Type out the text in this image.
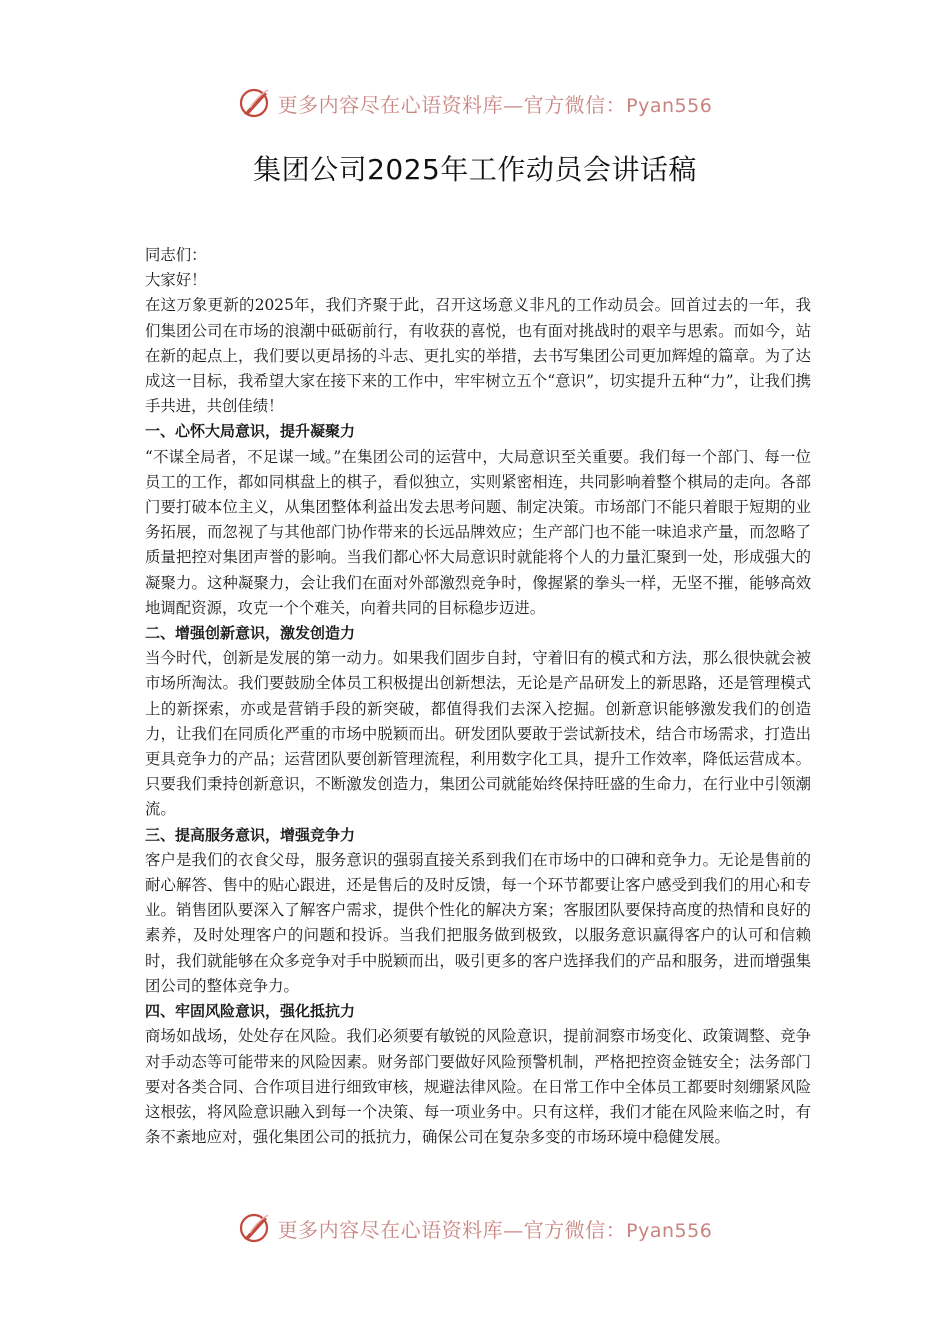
更多内容尽在心语资料库—官方微信：Pyan556
集团公司2025年工作动员会讲话稿

同志们：

大家好！

在这万象更新的2025年，我们齐聚于此，召开这场意义非凡的工作动员会。回首过去的一年，我们集团公司在市场的浪潮中砥砺前行，有收获的喜悦，也有面对挑战时的艰辛与思索。而如今，站在新的起点上，我们要以更昂扬的斗志、更扎实的举措，去书写集团公司更加辉煌的篇章。为了达成这一目标，我希望大家在接下来的工作中，牢牢树立五个“意识”，切实提升五种“力”，让我们携手共进，共创佳绩！

一、心怀大局意识，提升凝聚力

“不谋全局者，不足谋一域。”在集团公司的运营中，大局意识至关重要。我们每一个部门、每一位员工的工作，都如同棋盘上的棋子，看似独立，实则紧密相连，共同影响着整个棋局的走向。各部门要打破本位主义，从集团整体利益出发去思考问题、制定决策。市场部门不能只着眼于短期的业务拓展，而忽视了与其他部门协作带来的长远品牌效应；生产部门也不能一味追求产量，而忽略了质量把控对集团声誉的影响。当我们都心怀大局意识时就能将个人的力量汇聚到一处，形成强大的凝聚力。这种凝聚力，会让我们在面对外部激烈竞争时，像握紧的拳头一样，无坚不摧，能够高效地调配资源，攻克一个个难关，向着共同的目标稳步迈进。

二、增强创新意识，激发创造力

当今时代，创新是发展的第一动力。如果我们固步自封，守着旧有的模式和方法，那么很快就会被市场所淘汰。我们要鼓励全体员工积极提出创新想法，无论是产品研发上的新思路，还是管理模式上的新探索，亦或是营销手段的新突破，都值得我们去深入挖掘。创新意识能够激发我们的创造力，让我们在同质化严重的市场中脱颖而出。研发团队要敢于尝试新技术，结合市场需求，打造出更具竞争力的产品；运营团队要创新管理流程，利用数字化工具，提升工作效率，降低运营成本。只要我们秉持创新意识，不断激发创造力，集团公司就能始终保持旺盛的生命力，在行业中引领潮流。

三、提高服务意识，增强竞争力

客户是我们的衣食父母，服务意识的强弱直接关系到我们在市场中的口碑和竞争力。无论是售前的耐心解答、售中的贴心跟进，还是售后的及时反馈，每一个环节都要让客户感受到我们的用心和专业。销售团队要深入了解客户需求，提供个性化的解决方案；客服团队要保持高度的热情和良好的素养，及时处理客户的问题和投诉。当我们把服务做到极致，以服务意识赢得客户的认可和信赖时，我们就能够在众多竞争对手中脱颖而出，吸引更多的客户选择我们的产品和服务，进而增强集团公司的整体竞争力。

四、牢固风险意识，强化抵抗力

商场如战场，处处存在风险。我们必须要有敏锐的风险意识，提前洞察市场变化、政策调整、竞争对手动态等可能带来的风险因素。财务部门要做好风险预警机制，严格把控资金链安全；法务部门要对各类合同、合作项目进行细致审核，规避法律风险。在日常工作中全体员工都要时刻绷紧风险这根弦，将风险意识融入到每一个决策、每一项业务中。只有这样，我们才能在风险来临之时，有条不紊地应对，强化集团公司的抵抗力，确保公司在复杂多变的市场环境中稳健发展。

更多内容尽在心语资料库—官方微信：Pyan556
